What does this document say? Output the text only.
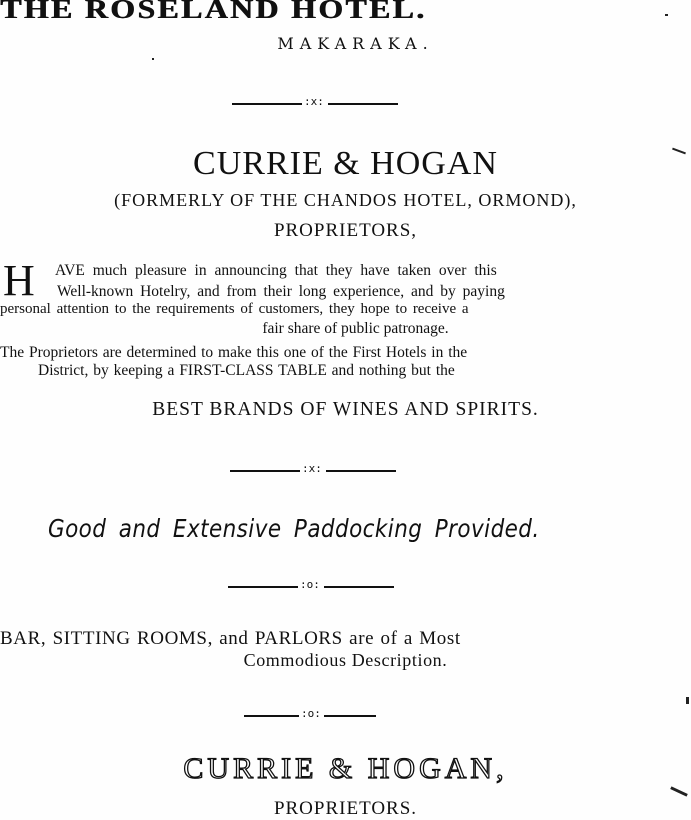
THE ROSELAND HOTEL.
MAKARAKA.
:x:
CURRIE & HOGAN
(FORMERLY OF THE CHANDOS HOTEL, ORMOND),
PROPRIETORS,
H AVE much pleasure in announcing that they have taken over this
Well-known Hotelry, and from their long experience, and by paying
personal attention to the requirements of customers, they hope to receive a
fair share of public patronage.
The Proprietors are determined to make this one of the First Hotels in the
District, by keeping a FIRST-CLASS TABLE and nothing but the
BEST BRANDS OF WINES AND SPIRITS.
:x:
Good and Extensive Paddocking Provided.
:o:
BAR, SITTING ROOMS, and PARLORS are of a Most
Commodious Description.
:o:
CURRIE & HOGAN,
PROPRIETORS.
